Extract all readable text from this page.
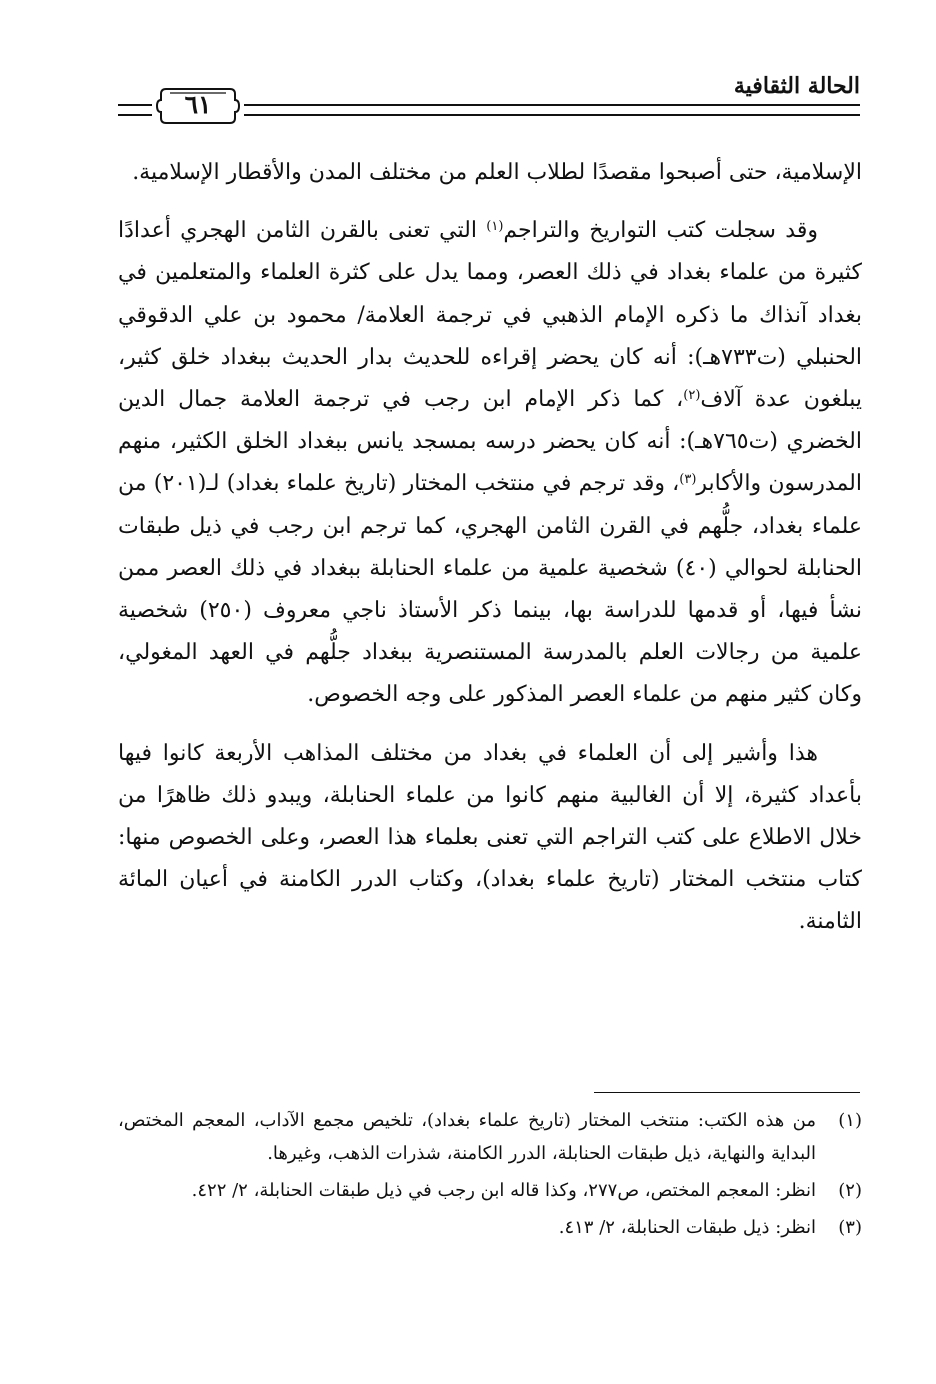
٦١
الحالة الثقافية

الإسلامية، حتى أصبحوا مقصدًا لطلاب العلم من مختلف المدن والأقطار الإسلامية.

وقد سجلت كتب التواريخ والتراجم$^{(١)}$ التي تعنى بالقرن الثامن الهجري أعدادًا كثيرة من علماء بغداد في ذلك العصر، ومما يدل على كثرة العلماء والمتعلمين في بغداد آنذاك ما ذكره الإمام الذهبي في ترجمة العلامة/ محمود بن علي الدقوقي الحنبلي (ت٧٣٣هـ): أنه كان يحضر إقراءه للحديث بدار الحديث ببغداد خلق كثير، يبلغون عدة آلاف$^{(٢)}$، كما ذكر الإمام ابن رجب في ترجمة العلامة جمال الدين الخضري (ت٧٦٥هـ): أنه كان يحضر درسه بمسجد يانس ببغداد الخلق الكثير، منهم المدرسون والأكابر$^{(٣)}$، وقد ترجم في منتخب المختار (تاريخ علماء بغداد) لـ(٢٠١) من علماء بغداد، جلُّهم في القرن الثامن الهجري، كما ترجم ابن رجب في ذيل طبقات الحنابلة لحوالي (٤٠) شخصية علمية من علماء الحنابلة ببغداد في ذلك العصر ممن نشأ فيها، أو قدمها للدراسة بها، بينما ذكر الأستاذ ناجي معروف (٢٥٠) شخصية علمية من رجالات العلم بالمدرسة المستنصرية ببغداد جلُّهم في العهد المغولي، وكان كثير منهم من علماء العصر المذكور على وجه الخصوص.

هذا وأشير إلى أن العلماء في بغداد من مختلف المذاهب الأربعة كانوا فيها بأعداد كثيرة، إلا أن الغالبية منهم كانوا من علماء الحنابلة، ويبدو ذلك ظاهرًا من خلال الاطلاع على كتب التراجم التي تعنى بعلماء هذا العصر، وعلى الخصوص منها: كتاب منتخب المختار (تاريخ علماء بغداد)، وكتاب الدرر الكامنة في أعيان المائة الثامنة.

(١)
من هذه الكتب: منتخب المختار (تاريخ علماء بغداد)، تلخيص مجمع الآداب، المعجم المختص، البداية والنهاية، ذيل طبقات الحنابلة، الدرر الكامنة، شذرات الذهب، وغيرها.
(٢)
انظر: المعجم المختص، ص٢٧٧، وكذا قاله ابن رجب في ذيل طبقات الحنابلة، ٢/ ٤٢٢.
(٣)
انظر: ذيل طبقات الحنابلة، ٢/ ٤١٣.
